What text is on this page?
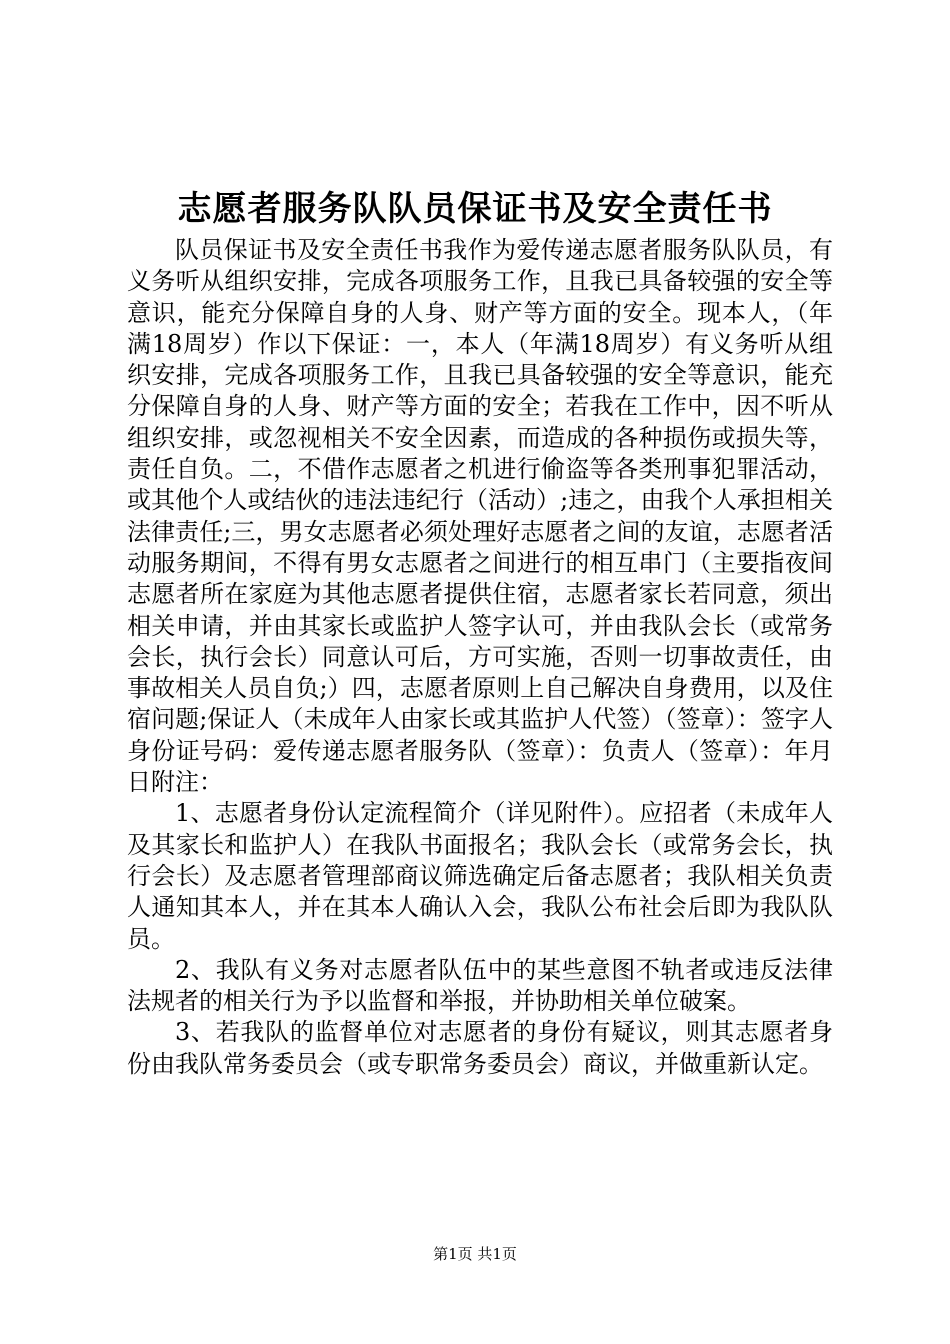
志愿者服务队队员保证书及安全责任书

队员保证书及安全责任书我作为爱传递志愿者服务队队员，有义务听从组织安排，完成各项服务工作，且我已具备较强的安全等意识，能充分保障自身的人身、财产等方面的安全。现本人，（年满18周岁）作以下保证：一，本人（年满18周岁）有义务听从组织安排，完成各项服务工作，且我已具备较强的安全等意识，能充分保障自身的人身、财产等方面的安全；若我在工作中，因不听从组织安排，或忽视相关不安全因素，而造成的各种损伤或损失等，责任自负。二，不借作志愿者之机进行偷盗等各类刑事犯罪活动，或其他个人或结伙的违法违纪行（活动）;违之，由我个人承担相关法律责任;三，男女志愿者必须处理好志愿者之间的友谊，志愿者活动服务期间，不得有男女志愿者之间进行的相互串门（主要指夜间志愿者所在家庭为其他志愿者提供住宿，志愿者家长若同意，须出相关申请，并由其家长或监护人签字认可，并由我队会长（或常务会长，执行会长）同意认可后，方可实施，否则一切事故责任，由事故相关人员自负;）四，志愿者原则上自己解决自身费用，以及住宿问题;保证人（未成年人由家长或其监护人代签）（签章）：签字人身份证号码：爱传递志愿者服务队（签章）：负责人（签章）：年月日附注：

1、志愿者身份认定流程简介（详见附件）。应招者（未成年人及其家长和监护人）在我队书面报名；我队会长（或常务会长，执行会长）及志愿者管理部商议筛选确定后备志愿者；我队相关负责人通知其本人，并在其本人确认入会，我队公布社会后即为我队队员。

2、我队有义务对志愿者队伍中的某些意图不轨者或违反法律法规者的相关行为予以监督和举报，并协助相关单位破案。

3、若我队的监督单位对志愿者的身份有疑议，则其志愿者身份由我队常务委员会（或专职常务委员会）商议，并做重新认定。

第1页 共1页
